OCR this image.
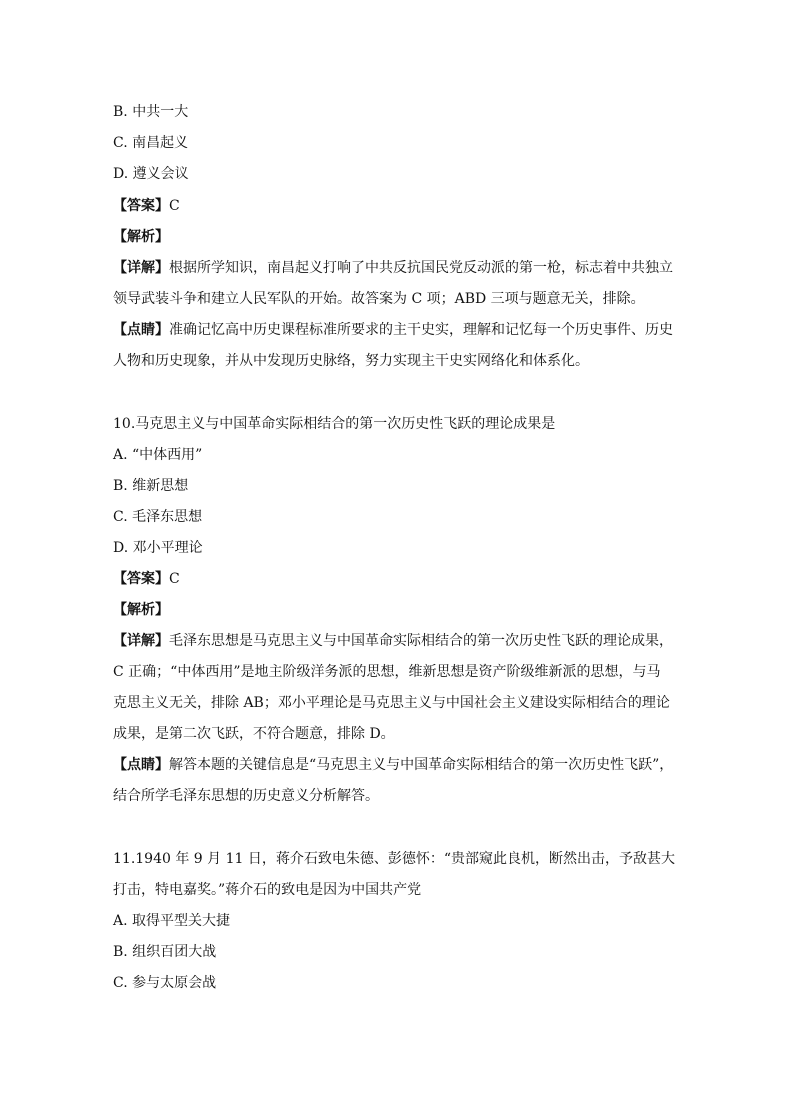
B. 中共一大
C. 南昌起义
D. 遵义会议
【答案】C
【解析】
【详解】根据所学知识，南昌起义打响了中共反抗国民党反动派的第一枪，标志着中共独立
领导武装斗争和建立人民军队的开始。故答案为 C 项；ABD 三项与题意无关，排除。
【点睛】准确记忆高中历史课程标准所要求的主干史实，理解和记忆每一个历史事件、历史
人物和历史现象，并从中发现历史脉络，努力实现主干史实网络化和体系化。
10.马克思主义与中国革命实际相结合的第一次历史性飞跃的理论成果是
A. “中体西用”
B. 维新思想
C. 毛泽东思想
D. 邓小平理论
【答案】C
【解析】
【详解】毛泽东思想是马克思主义与中国革命实际相结合的第一次历史性飞跃的理论成果，
C 正确；“中体西用”是地主阶级洋务派的思想，维新思想是资产阶级维新派的思想，与马
克思主义无关，排除 AB；邓小平理论是马克思主义与中国社会主义建设实际相结合的理论
成果，是第二次飞跃，不符合题意，排除 D。
【点睛】解答本题的关键信息是“马克思主义与中国革命实际相结合的第一次历史性飞跃”，
结合所学毛泽东思想的历史意义分析解答。
11.1940 年 9 月 11 日，蒋介石致电朱德、彭德怀：“贵部窥此良机，断然出击，予敌甚大
打击，特电嘉奖。”蒋介石的致电是因为中国共产党
A. 取得平型关大捷
B. 组织百团大战
C. 参与太原会战
